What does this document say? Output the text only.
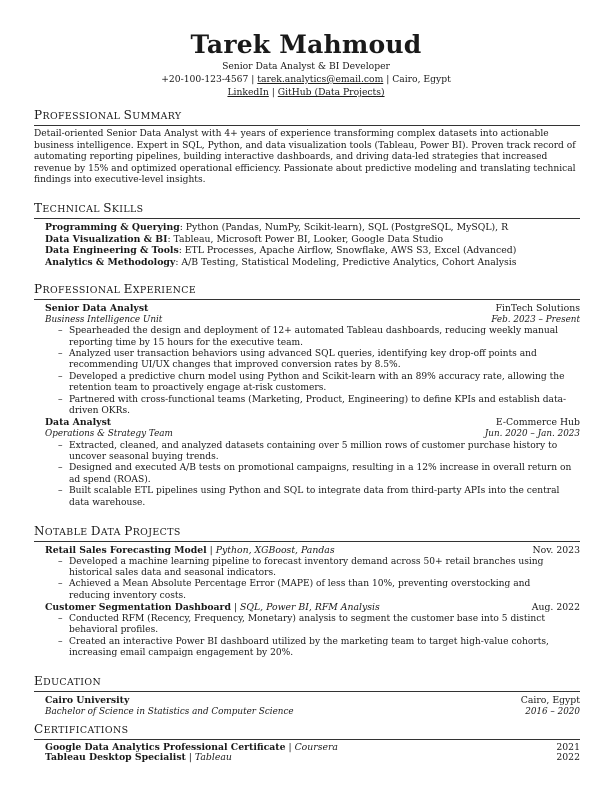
Tarek Mahmoud
Senior Data Analyst & BI Developer
+20-100-123-4567 | tarek.analytics@email.com | Cairo, Egypt
LinkedIn | GitHub (Data Projects)
PROFESSIONAL SUMMARY
Detail-oriented Senior Data Analyst with 4+ years of experience transforming complex datasets into actionable business intelligence. Expert in SQL, Python, and data visualization tools (Tableau, Power BI). Proven track record of automating reporting pipelines, building interactive dashboards, and driving data-led strategies that increased revenue by 15% and optimized operational efficiency. Passionate about predictive modeling and translating technical findings into executive-level insights.
TECHNICAL SKILLS
Programming & Querying: Python (Pandas, NumPy, Scikit-learn), SQL (PostgreSQL, MySQL), R
Data Visualization & BI: Tableau, Microsoft Power BI, Looker, Google Data Studio
Data Engineering & Tools: ETL Processes, Apache Airflow, Snowflake, AWS S3, Excel (Advanced)
Analytics & Methodology: A/B Testing, Statistical Modeling, Predictive Analytics, Cohort Analysis
PROFESSIONAL EXPERIENCE
Senior Data Analyst	FinTech Solutions
Business Intelligence Unit	Feb. 2023 – Present
– Spearheaded the design and deployment of 12+ automated Tableau dashboards, reducing weekly manual reporting time by 15 hours for the executive team.
– Analyzed user transaction behaviors using advanced SQL queries, identifying key drop-off points and recommending UI/UX changes that improved conversion rates by 8.5%.
– Developed a predictive churn model using Python and Scikit-learn with an 89% accuracy rate, allowing the retention team to proactively engage at-risk customers.
– Partnered with cross-functional teams (Marketing, Product, Engineering) to define KPIs and establish data-driven OKRs.
Data Analyst	E-Commerce Hub
Operations & Strategy Team	Jun. 2020 – Jan. 2023
– Extracted, cleaned, and analyzed datasets containing over 5 million rows of customer purchase history to uncover seasonal buying trends.
– Designed and executed A/B tests on promotional campaigns, resulting in a 12% increase in overall return on ad spend (ROAS).
– Built scalable ETL pipelines using Python and SQL to integrate data from third-party APIs into the central data warehouse.
NOTABLE DATA PROJECTS
Retail Sales Forecasting Model | Python, XGBoost, Pandas	Nov. 2023
– Developed a machine learning pipeline to forecast inventory demand across 50+ retail branches using historical sales data and seasonal indicators.
– Achieved a Mean Absolute Percentage Error (MAPE) of less than 10%, preventing overstocking and reducing inventory costs.
Customer Segmentation Dashboard | SQL, Power BI, RFM Analysis	Aug. 2022
– Conducted RFM (Recency, Frequency, Monetary) analysis to segment the customer base into 5 distinct behavioral profiles.
– Created an interactive Power BI dashboard utilized by the marketing team to target high-value cohorts, increasing email campaign engagement by 20%.
EDUCATION
Cairo University	Cairo, Egypt
Bachelor of Science in Statistics and Computer Science	2016 – 2020
CERTIFICATIONS
Google Data Analytics Professional Certificate | Coursera	2021
Tableau Desktop Specialist | Tableau	2022
